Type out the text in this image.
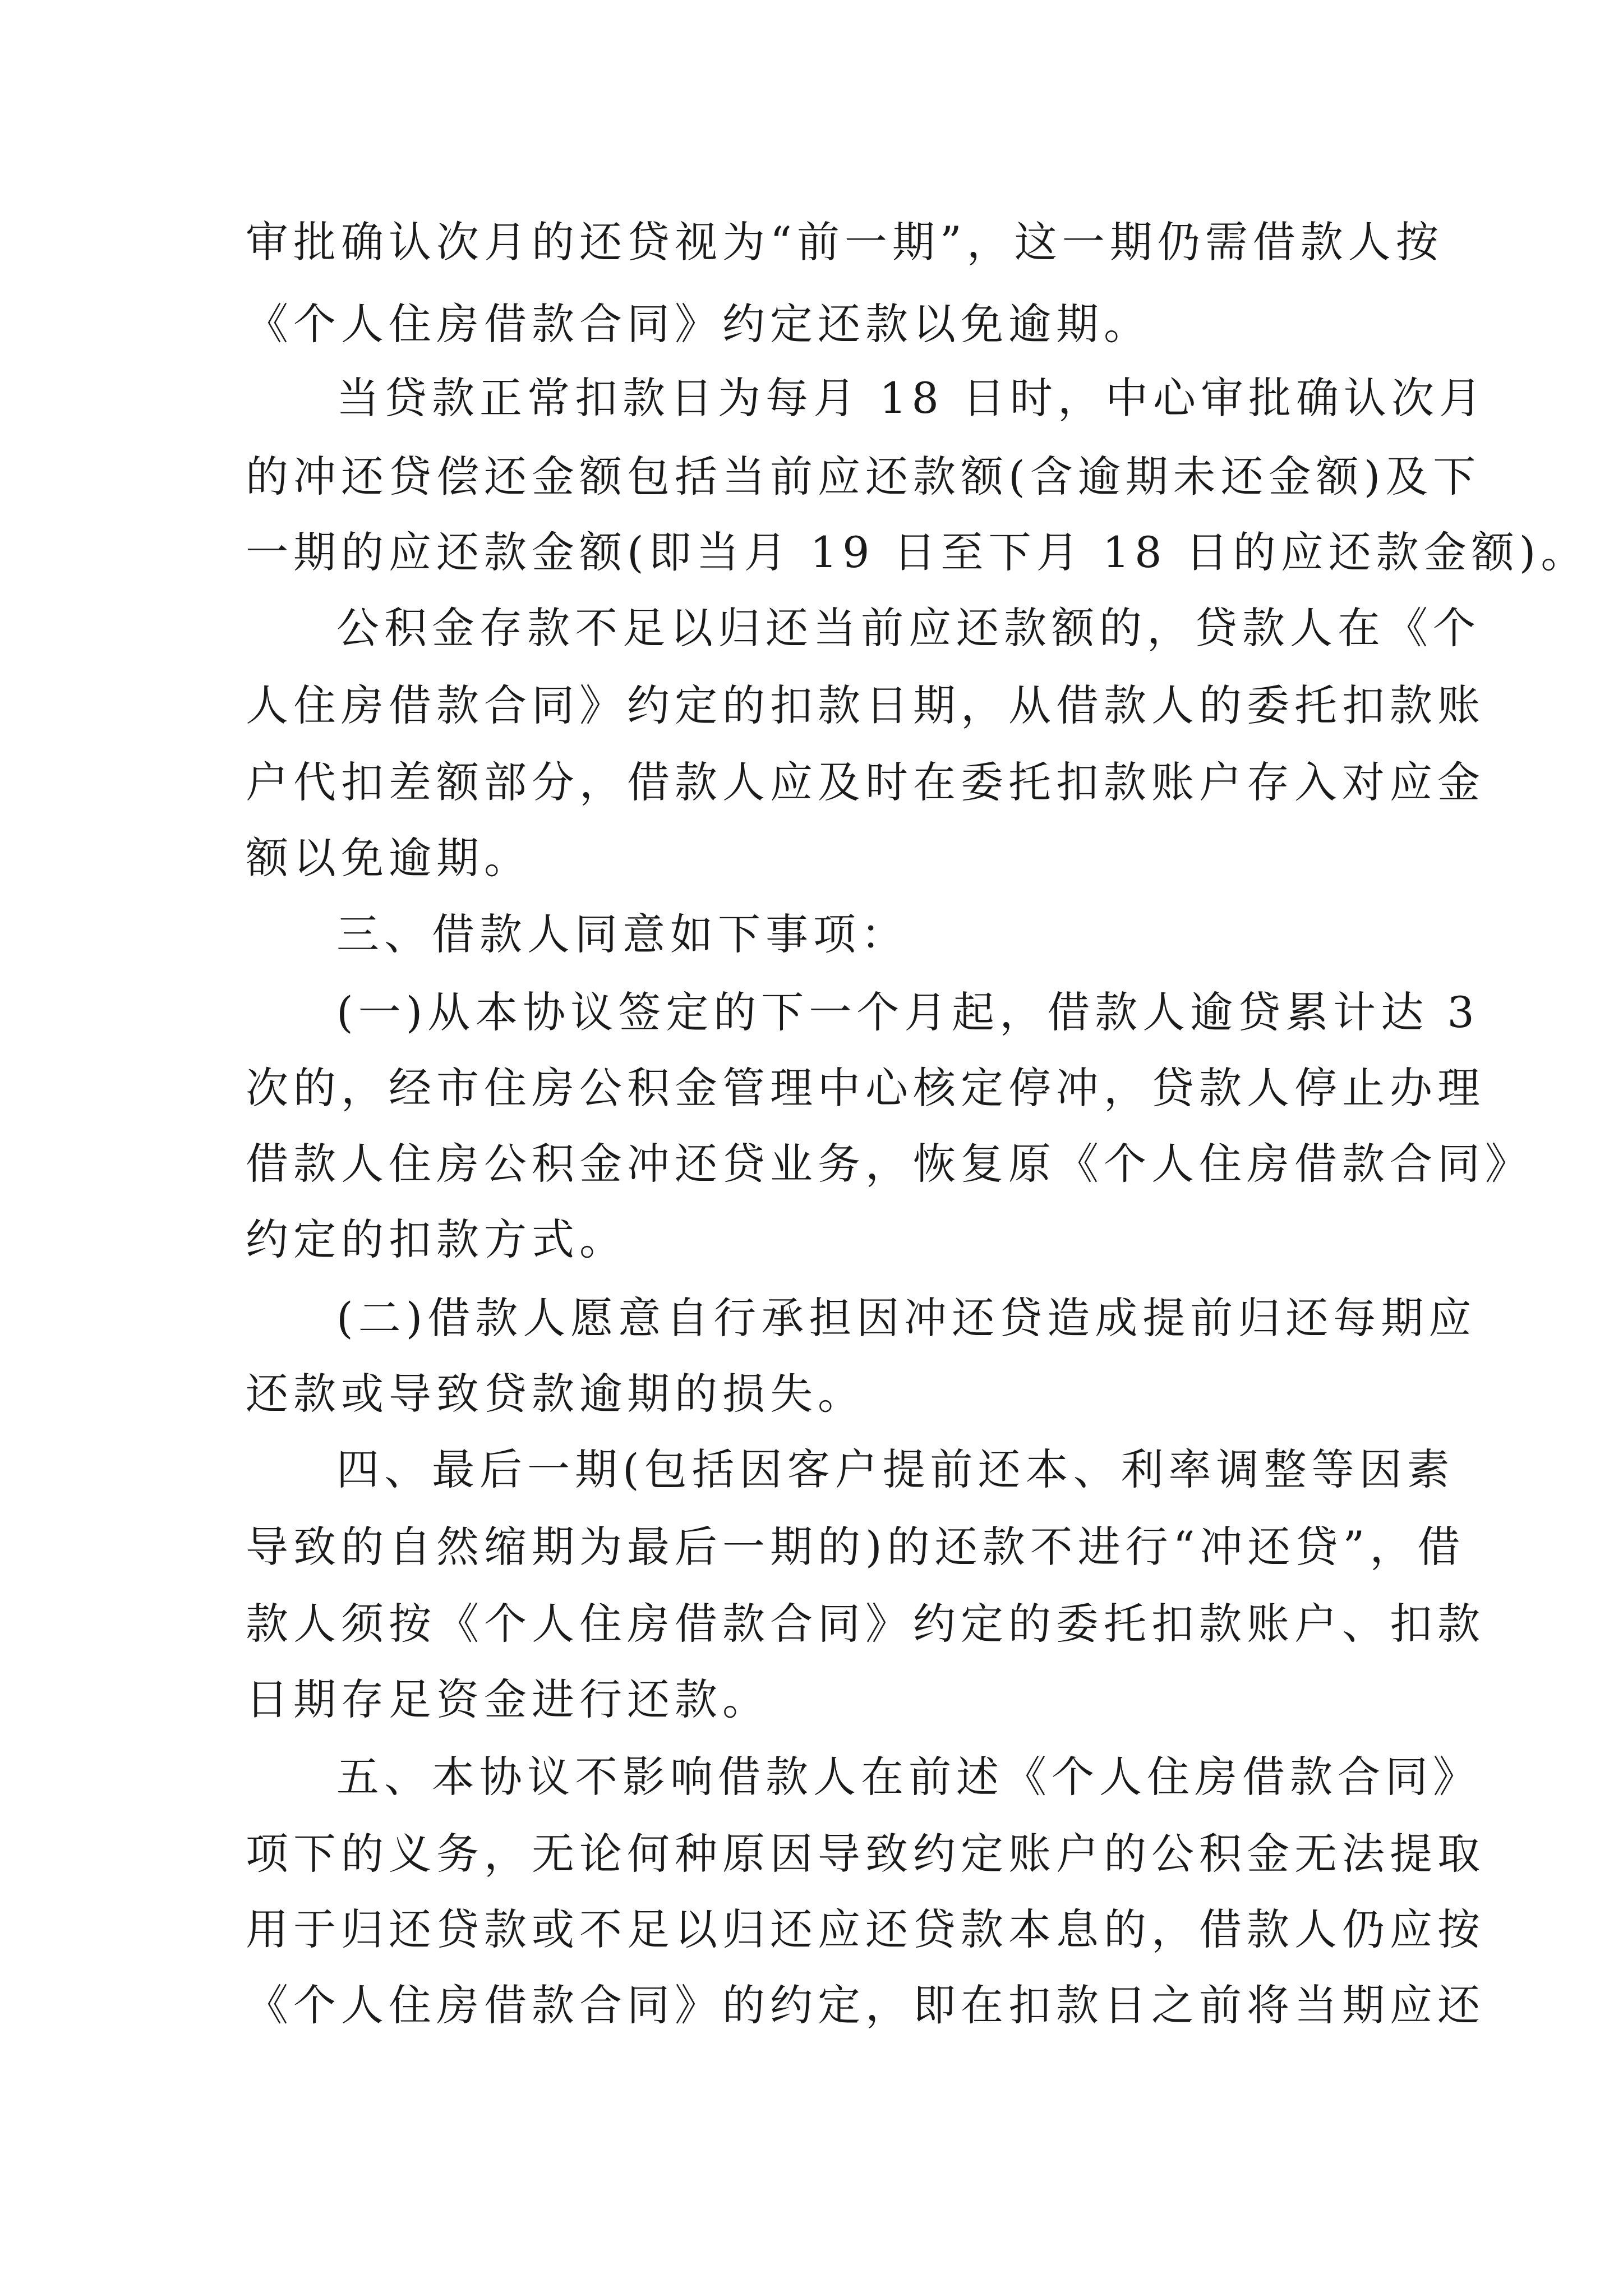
审批确认次月的还贷视为“前一期”，这一期仍需借款人按
《个人住房借款合同》约定还款以免逾期。
当贷款正常扣款日为每月 18 日时，中心审批确认次月
的冲还贷偿还金额包括当前应还款额(含逾期未还金额)及下
一期的应还款金额(即当月 19 日至下月 18 日的应还款金额)。
公积金存款不足以归还当前应还款额的，贷款人在《个
人住房借款合同》约定的扣款日期，从借款人的委托扣款账
户代扣差额部分，借款人应及时在委托扣款账户存入对应金
额以免逾期。
三、借款人同意如下事项：
(一)从本协议签定的下一个月起，借款人逾贷累计达 3
次的，经市住房公积金管理中心核定停冲，贷款人停止办理
借款人住房公积金冲还贷业务，恢复原《个人住房借款合同》
约定的扣款方式。
(二)借款人愿意自行承担因冲还贷造成提前归还每期应
还款或导致贷款逾期的损失。
四、最后一期(包括因客户提前还本、利率调整等因素
导致的自然缩期为最后一期的)的还款不进行“冲还贷”，借
款人须按《个人住房借款合同》约定的委托扣款账户、扣款
日期存足资金进行还款。
五、本协议不影响借款人在前述《个人住房借款合同》
项下的义务，无论何种原因导致约定账户的公积金无法提取
用于归还贷款或不足以归还应还贷款本息的，借款人仍应按
《个人住房借款合同》的约定，即在扣款日之前将当期应还
